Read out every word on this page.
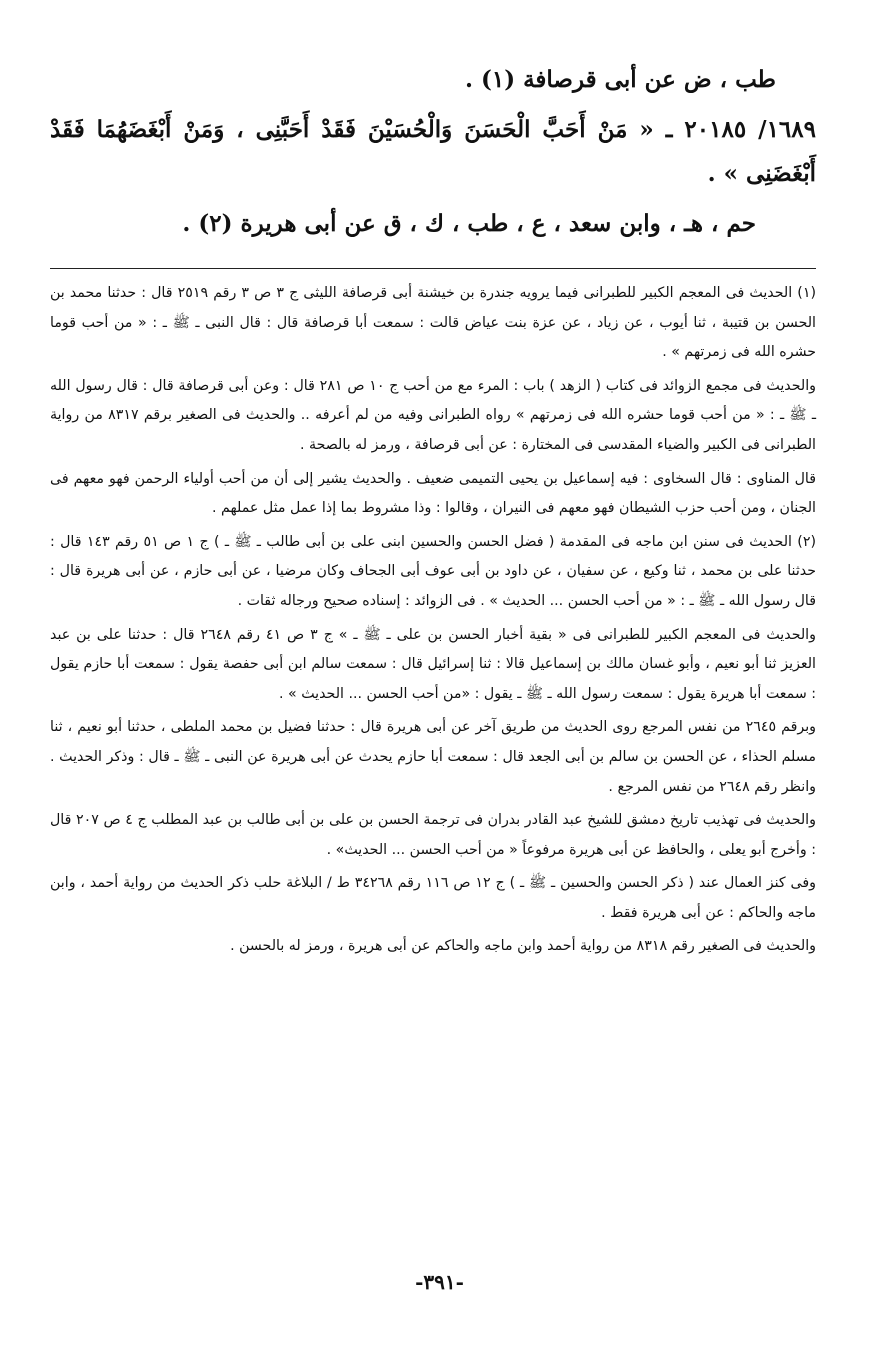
طب ، ض عن أبى قرصافة (١) .

١٦٨٩/ ٢٠١٨٥ ـ « مَنْ أَحَبَّ الْحَسَنَ وَالْحُسَيْنَ فَقَدْ أَحَبَّنِى ، وَمَنْ أَبْغَضَهُمَا فَقَدْ أَبْغَضَنِى » .

حم ، هـ ، وابن سعد ، ع ، طب ، ك ، ق عن أبى هريرة (٢) .

(١) الحديث فى المعجم الكبير للطبرانى فيما يرويه جندرة بن خيشنة أبى قرصافة الليثى ج ٣ ص ٣ رقم ٢٥١٩ قال : حدثنا محمد بن الحسن بن قتيبة ، ثنا أيوب ، عن زياد ، عن عزة بنت عياض قالت : سمعت أبا قرصافة قال : قال النبى ـ ﷺ ـ : « من أحب قوما حشره الله فى زمرتهم » .

والحديث فى مجمع الزوائد فى كتاب ( الزهد ) باب : المرء مع من أحب ج ١٠ ص ٢٨١ قال : وعن أبى قرصافة قال : قال رسول الله ـ ﷺ ـ : « من أحب قوما حشره الله فى زمرتهم » رواه الطبرانى وفيه من لم أعرفه .. والحديث فى الصغير برقم ٨٣١٧ من رواية الطبرانى فى الكبير والضياء المقدسى فى المختارة : عن أبى قرصافة ، ورمز له بالصحة .

قال المناوى : قال السخاوى : فيه إسماعيل بن يحيى التميمى ضعيف . والحديث يشير إلى أن من أحب أولياء الرحمن فهو معهم فى الجنان ، ومن أحب حزب الشيطان فهو معهم فى النيران ، وقالوا : وذا مشروط بما إذا عمل مثل عملهم .

(٢) الحديث فى سنن ابن ماجه فى المقدمة ( فضل الحسن والحسين ابنى على بن أبى طالب ـ ﷺ ـ ) ج ١ ص ٥١ رقم ١٤٣ قال : حدثنا على بن محمد ، ثنا وكيع ، عن سفيان ، عن داود بن أبى عوف أبى الجحاف وكان مرضيا ، عن أبى حازم ، عن أبى هريرة قال : قال رسول الله ـ ﷺ ـ : « من أحب الحسن ... الحديث » . فى الزوائد : إسناده صحيح ورجاله ثقات .

والحديث فى المعجم الكبير للطبرانى فى « بقية أخبار الحسن بن على ـ ﷺ ـ » ج ٣ ص ٤١ رقم ٢٦٤٨ قال : حدثنا على بن عبد العزيز ثنا أبو نعيم ، وأبو غسان مالك بن إسماعيل قالا : ثنا إسرائيل قال : سمعت سالم ابن أبى حفصة يقول : سمعت أبا حازم يقول : سمعت أبا هريرة يقول : سمعت رسول الله ـ ﷺ ـ يقول : «من أحب الحسن ... الحديث » .

وبرقم ٢٦٤٥ من نفس المرجع روى الحديث من طريق آخر عن أبى هريرة قال : حدثنا فضيل بن محمد الملطى ، حدثنا أبو نعيم ، ثنا مسلم الحذاء ، عن الحسن بن سالم بن أبى الجعد قال : سمعت أبا حازم يحدث عن أبى هريرة عن النبى ـ ﷺ ـ قال : وذكر الحديث . وانظر رقم ٢٦٤٨ من نفس المرجع .

والحديث فى تهذيب تاريخ دمشق للشيخ عبد القادر بدران فى ترجمة الحسن بن على بن أبى طالب بن عبد المطلب ج ٤ ص ٢٠٧ قال : وأخرج أبو يعلى ، والحافظ عن أبى هريرة مرفوعاً « من أحب الحسن ... الحديث» .

وفى كنز العمال عند ( ذكر الحسن والحسين ـ ﷺ ـ ) ج ١٢ ص ١١٦ رقم ٣٤٢٦٨ ط / البلاغة حلب ذكر الحديث من رواية أحمد ، وابن ماجه والحاكم : عن أبى هريرة فقط .

والحديث فى الصغير رقم ٨٣١٨ من رواية أحمد وابن ماجه والحاكم عن أبى هريرة ، ورمز له بالحسن .

-٣٩١-
